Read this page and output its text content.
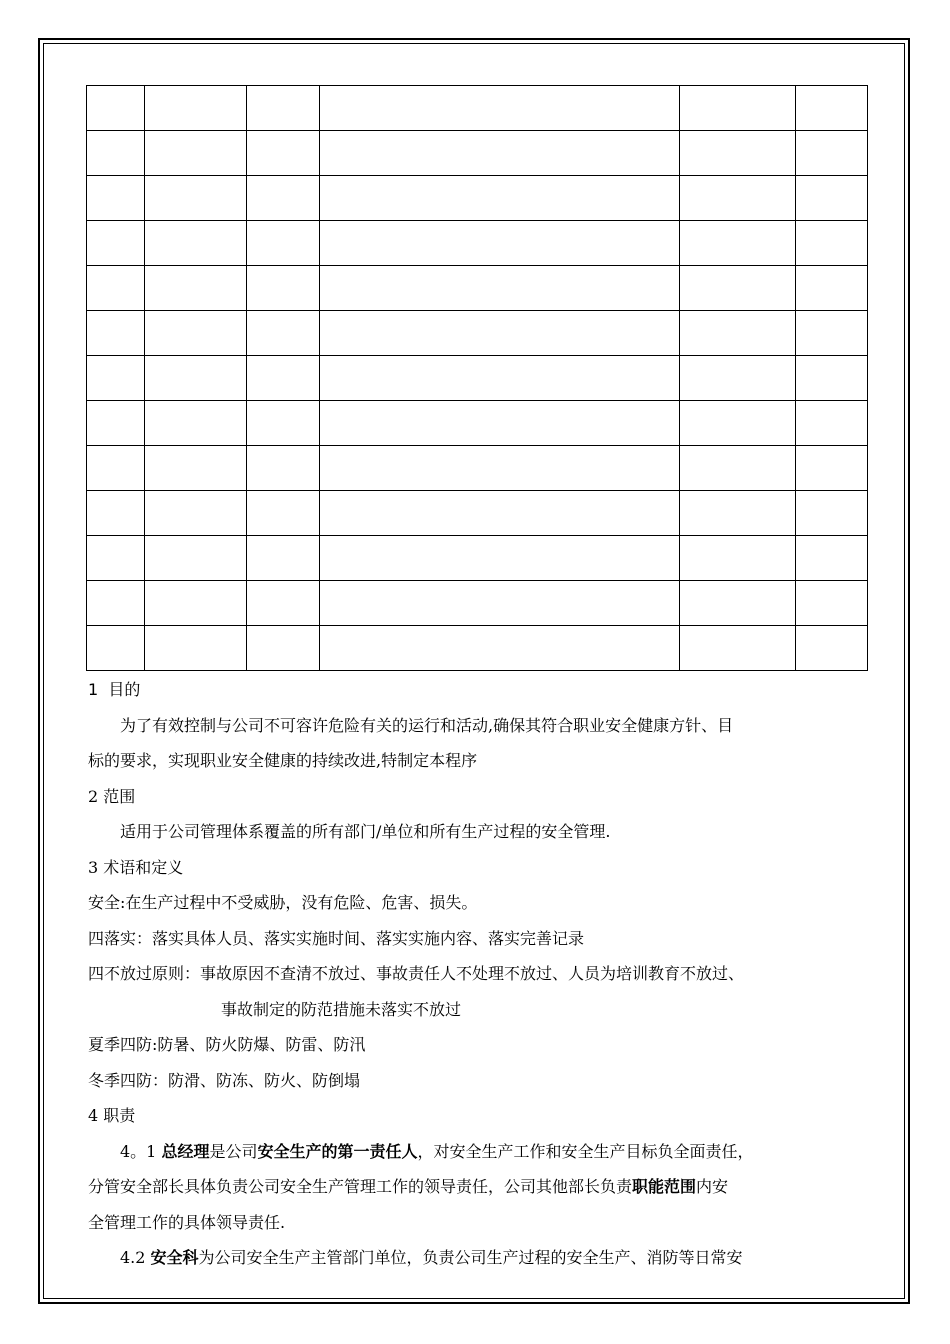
1 目的

为了有效控制与公司不可容许危险有关的运行和活动,确保其符合职业安全健康方针、目

标的要求，实现职业安全健康的持续改进,特制定本程序

2 范围

适用于公司管理体系覆盖的所有部门/单位和所有生产过程的安全管理.

3 术语和定义

安全:在生产过程中不受威胁，没有危险、危害、损失。

四落实：落实具体人员、落实实施时间、落实实施内容、落实完善记录

四不放过原则：事故原因不查清不放过、事故责任人不处理不放过、人员为培训教育不放过、

事故制定的防范措施未落实不放过

夏季四防:防暑、防火防爆、防雷、防汛

冬季四防：防滑、防冻、防火、防倒塌

4 职责

4。1 总经理是公司安全生产的第一责任人，对安全生产工作和安全生产目标负全面责任，

分管安全部长具体负责公司安全生产管理工作的领导责任，公司其他部长负责职能范围内安

全管理工作的具体领导责任.

4.2 安全科为公司安全生产主管部门单位，负责公司生产过程的安全生产、消防等日常安
